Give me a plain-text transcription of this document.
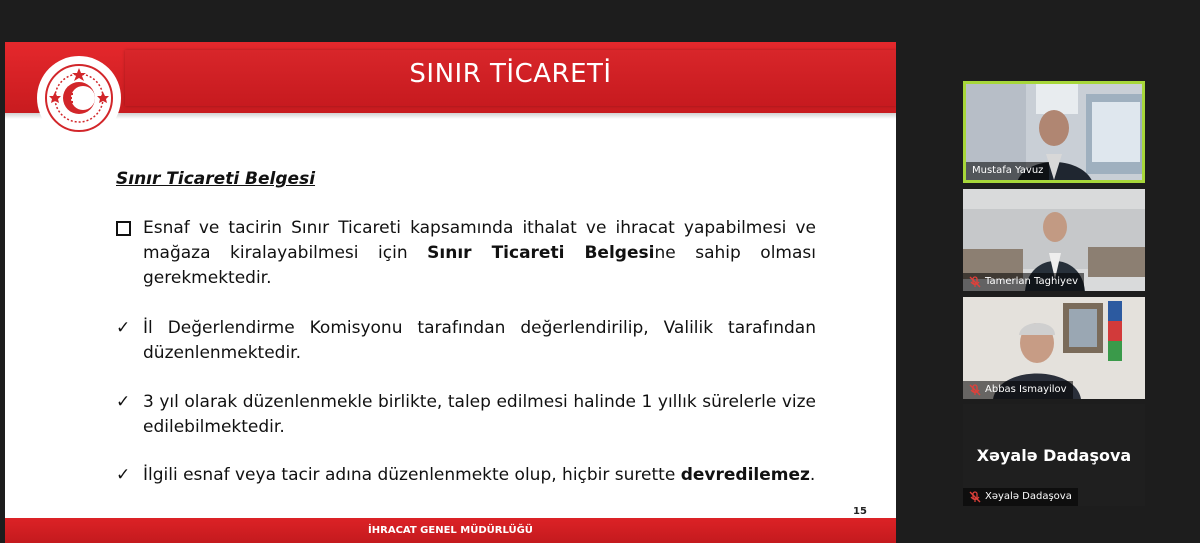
SINIR TİCARETİ
Sınır Ticareti Belgesi
Esnaf ve tacirin Sınır Ticareti kapsamında ithalat ve ihracat yapabilmesi ve mağaza kiralayabilmesi için Sınır Ticareti Belgesine sahip olması gerekmektedir.
✓ İl Değerlendirme Komisyonu tarafından değerlendirilip, Valilik tarafından düzenlenmektedir.
✓ 3 yıl olarak düzenlenmekle birlikte, talep edilmesi halinde 1 yıllık sürelerle vize edilebilmektedir.
✓ İlgili esnaf veya tacir adına düzenlenmekte olup, hiçbir surette devredilemez.
15
İHRACAT GENEL MÜDÜRLÜĞÜ
Mustafa Yavuz
Tamerlan Taghiyev
Abbas Ismayilov
Xəyalə Dadaşova
Xəyalə Dadaşova
